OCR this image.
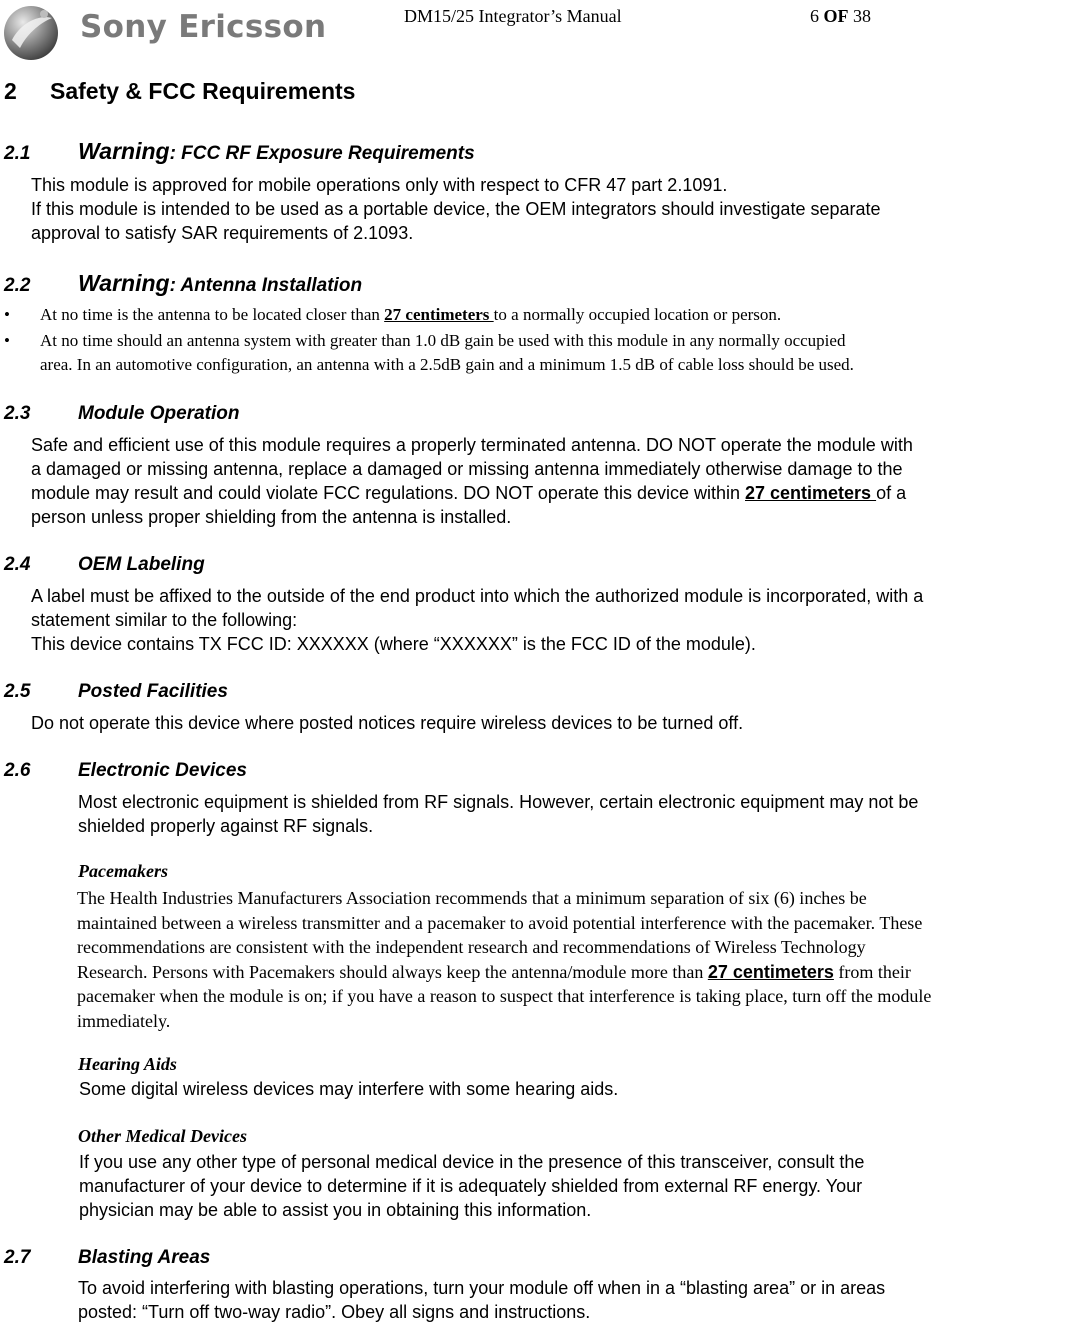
Sony Ericsson	DM15/25 Integrator’s Manual	6 OF 38
2 Safety & FCC Requirements
2.1 Warning: FCC RF Exposure Requirements
This module is approved for mobile operations only with respect to CFR 47 part 2.1091.
If this module is intended to be used as a portable device, the OEM integrators should investigate separate
approval to satisfy SAR requirements of 2.1093.
2.2 Warning: Antenna Installation
• At no time is the antenna to be located closer than 27 centimeters to a normally occupied location or person.
• At no time should an antenna system with greater than 1.0 dB gain be used with this module in any normally occupied
area. In an automotive configuration, an antenna with a 2.5dB gain and a minimum 1.5 dB of cable loss should be used.
2.3	Module Operation
Safe and efficient use of this module requires a properly terminated antenna. DO NOT operate the module with
a damaged or missing antenna, replace a damaged or missing antenna immediately otherwise damage to the
module may result and could violate FCC regulations. DO NOT operate this device within 27 centimeters of a
person unless proper shielding from the antenna is installed.
2.4	OEM Labeling
A label must be affixed to the outside of the end product into which the authorized module is incorporated, with a
statement similar to the following:
This device contains TX FCC ID: XXXXXX (where “XXXXXX” is the FCC ID of the module).
2.5	Posted Facilities
Do not operate this device where posted notices require wireless devices to be turned off.
2.6	Electronic Devices
Most electronic equipment is shielded from RF signals. However, certain electronic equipment may not be
shielded properly against RF signals.
Pacemakers
The Health Industries Manufacturers Association recommends that a minimum separation of six (6) inches be
maintained between a wireless transmitter and a pacemaker to avoid potential interference with the pacemaker. These
recommendations are consistent with the independent research and recommendations of Wireless Technology
Research. Persons with Pacemakers should always keep the antenna/module more than 27 centimeters from their
pacemaker when the module is on; if you have a reason to suspect that interference is taking place, turn off the module
immediately.
Hearing Aids
Some digital wireless devices may interfere with some hearing aids.
Other Medical Devices
If you use any other type of personal medical device in the presence of this transceiver, consult the
manufacturer of your device to determine if it is adequately shielded from external RF energy. Your
physician may be able to assist you in obtaining this information.
2.7	Blasting Areas
To avoid interfering with blasting operations, turn your module off when in a “blasting area” or in areas
posted: “Turn off two-way radio”. Obey all signs and instructions.
